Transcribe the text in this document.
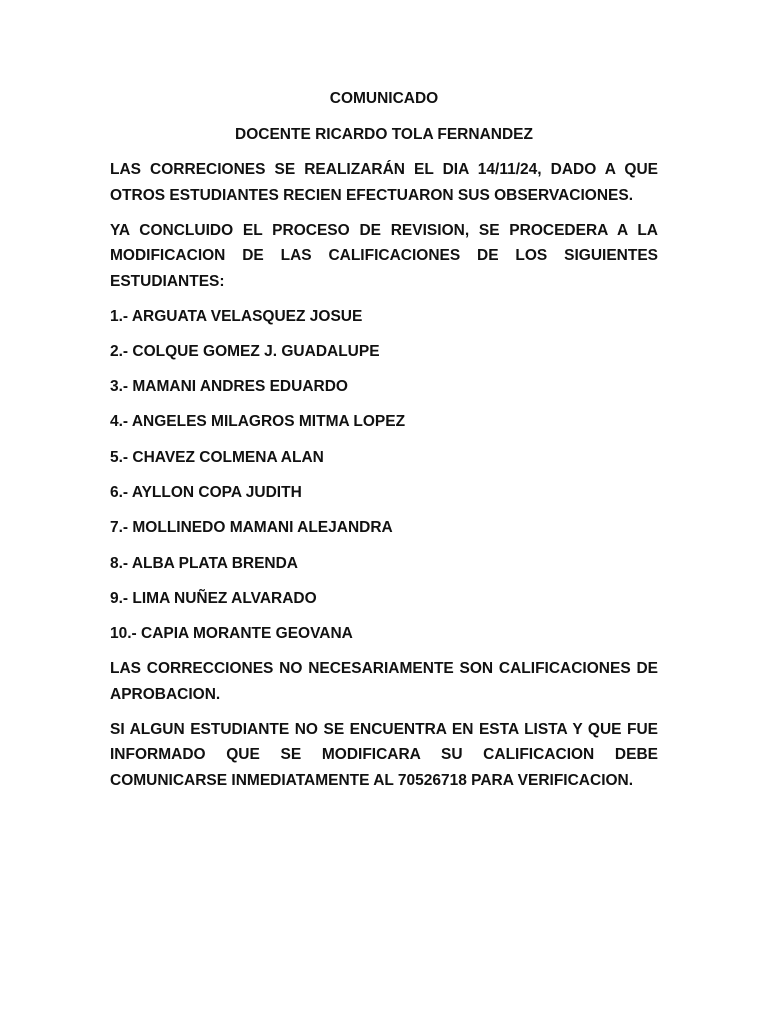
COMUNICADO

DOCENTE RICARDO TOLA FERNANDEZ

LAS CORRECIONES SE REALIZARÁN EL DIA 14/11/24, DADO A QUE OTROS ESTUDIANTES RECIEN EFECTUARON SUS OBSERVACIONES.

YA CONCLUIDO EL PROCESO DE REVISION, SE PROCEDERA A LA MODIFICACION DE LAS CALIFICACIONES DE LOS SIGUIENTES ESTUDIANTES:

1.- ARGUATA VELASQUEZ JOSUE
2.- COLQUE GOMEZ J. GUADALUPE
3.- MAMANI ANDRES EDUARDO
4.- ANGELES MILAGROS MITMA LOPEZ
5.- CHAVEZ COLMENA ALAN
6.- AYLLON COPA JUDITH
7.- MOLLINEDO MAMANI ALEJANDRA
8.- ALBA PLATA BRENDA
9.- LIMA NUÑEZ ALVARADO
10.- CAPIA MORANTE GEOVANA

LAS CORRECCIONES NO NECESARIAMENTE SON CALIFICACIONES DE APROBACION.

SI ALGUN ESTUDIANTE NO SE ENCUENTRA EN ESTA LISTA Y QUE FUE INFORMADO QUE SE MODIFICARA SU CALIFICACION DEBE COMUNICARSE INMEDIATAMENTE AL 70526718 PARA VERIFICACION.
